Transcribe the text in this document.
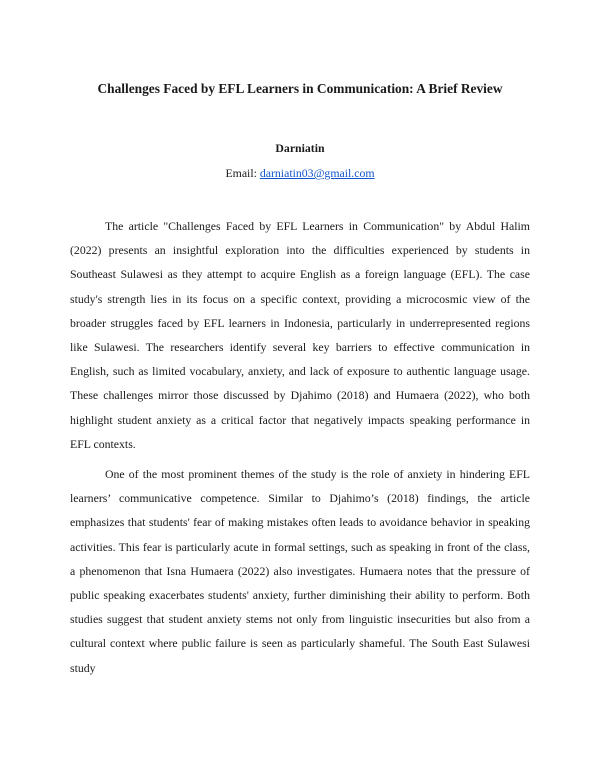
Challenges Faced by EFL Learners in Communication: A Brief Review
Darniatin
Email: darniatin03@gmail.com

The article "Challenges Faced by EFL Learners in Communication" by Abdul Halim (2022) presents an insightful exploration into the difficulties experienced by students in Southeast Sulawesi as they attempt to acquire English as a foreign language (EFL). The case study's strength lies in its focus on a specific context, providing a microcosmic view of the broader struggles faced by EFL learners in Indonesia, particularly in underrepresented regions like Sulawesi. The researchers identify several key barriers to effective communication in English, such as limited vocabulary, anxiety, and lack of exposure to authentic language usage. These challenges mirror those discussed by Djahimo (2018) and Humaera (2022), who both highlight student anxiety as a critical factor that negatively impacts speaking performance in EFL contexts.

One of the most prominent themes of the study is the role of anxiety in hindering EFL learners’ communicative competence. Similar to Djahimo’s (2018) findings, the article emphasizes that students' fear of making mistakes often leads to avoidance behavior in speaking activities. This fear is particularly acute in formal settings, such as speaking in front of the class, a phenomenon that Isna Humaera (2022) also investigates. Humaera notes that the pressure of public speaking exacerbates students' anxiety, further diminishing their ability to perform. Both studies suggest that student anxiety stems not only from linguistic insecurities but also from a cultural context where public failure is seen as particularly shameful. The South East Sulawesi study
